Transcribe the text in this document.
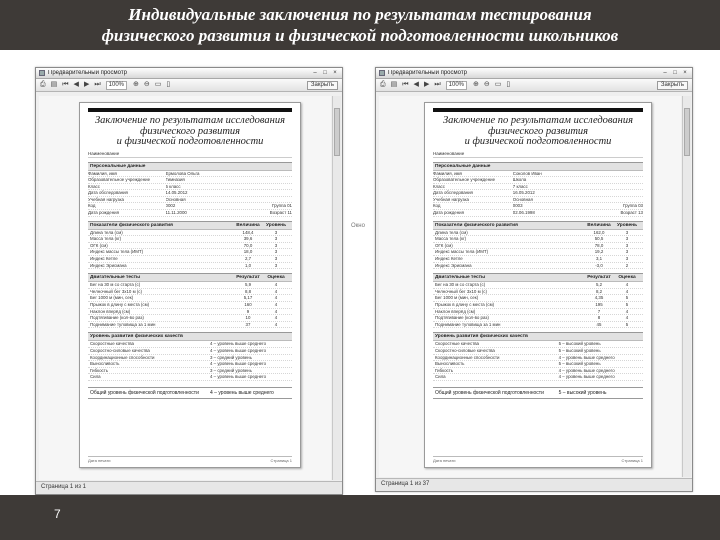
Индивидуальные заключения по результатам тестирования
физического развития и физической подготовленности школьников
Окно
Предварительный просмотр	–	□	×
⎙ ▤ ⏮ ◀ ▶ ⏭	100%	⊕ ⊖ ▭ ▯	Закрыть
Заключение по результатам исследования
физического развития
и физической подготовленности
Наименование
Персональные данные
Фамилия, имя	Ермолова Ольга
Образовательное учреждение	Гимназия
Класс	5 класс
Дата обследования	14.05.2012
Учебная нагрузка	Основная
Код	0002	Группа 01
Дата рождения	11.11.2000	Возраст 11
Показатели физического развития	Величина	Уровень
Длина тела (см)	148,4	3
Масса тела (кг)	39,6	3
ОГК (см)	70,0	3
Индекс массы тела (ИМТ)	18,0	3
Индекс Кетле	2,7	3
Индекс Эрисмана	1,0	3
Двигательные тесты	Результат	Оценка
Бег на 30 м со старта (с)	5,9	4
Челночный бег 3x10 м (с)	8,8	4
Бег 1000 м (мин, сек)	5,17	4
Прыжок в длину с места (см)	160	4
Наклон вперёд (см)	9	4
Подтягивание (кол-во раз)	10	4
Поднимание туловища за 1 мин	37	4
Уровень развития физических качеств
Скоростные качества	4 – уровень выше среднего
Скоростно-силовые качества	4 – уровень выше среднего
Координационные способности	3 – средний уровень
Выносливость	4 – уровень выше среднего
Гибкость	3 – средний уровень
Сила	4 – уровень выше среднего
Общий уровень физической подготовленности	4 – уровень выше среднего
Дата печати	Страница 1
Страница 1 из 1
Предварительный просмотр	–	□	×
⎙ ▤ ⏮ ◀ ▶ ⏭	100%	⊕ ⊖ ▭ ▯	Закрыть
Заключение по результатам исследования
физического развития
и физической подготовленности
Наименование
Персональные данные
Фамилия, имя	Соколов Иван
Образовательное учреждение	Школа
Класс	7 класс
Дата обследования	16.05.2012
Учебная нагрузка	Основная
Код	0003	Группа 03
Дата рождения	02.06.1998	Возраст 13
Показатели физического развития	Величина	Уровень
Длина тела (см)	162,0	3
Масса тела (кг)	50,5	3
ОГК (см)	78,0	3
Индекс массы тела (ИМТ)	19,2	3
Индекс Кетле	3,1	3
Индекс Эрисмана	-3,0	2
Двигательные тесты	Результат	Оценка
Бег на 30 м со старта (с)	5,2	4
Челночный бег 3x10 м (с)	8,2	4
Бег 1000 м (мин, сек)	4,35	5
Прыжок в длину с места (см)	195	5
Наклон вперёд (см)	7	4
Подтягивание (кол-во раз)	8	4
Поднимание туловища за 1 мин	45	5
Уровень развития физических качеств
Скоростные качества	5 – высокий уровень
Скоростно-силовые качества	5 – высокий уровень
Координационные способности	4 – уровень выше среднего
Выносливость	5 – высокий уровень
Гибкость	4 – уровень выше среднего
Сила	4 – уровень выше среднего
Общий уровень физической подготовленности	5 – высокий уровень
Дата печати	Страница 1
Страница 1 из 37
7
